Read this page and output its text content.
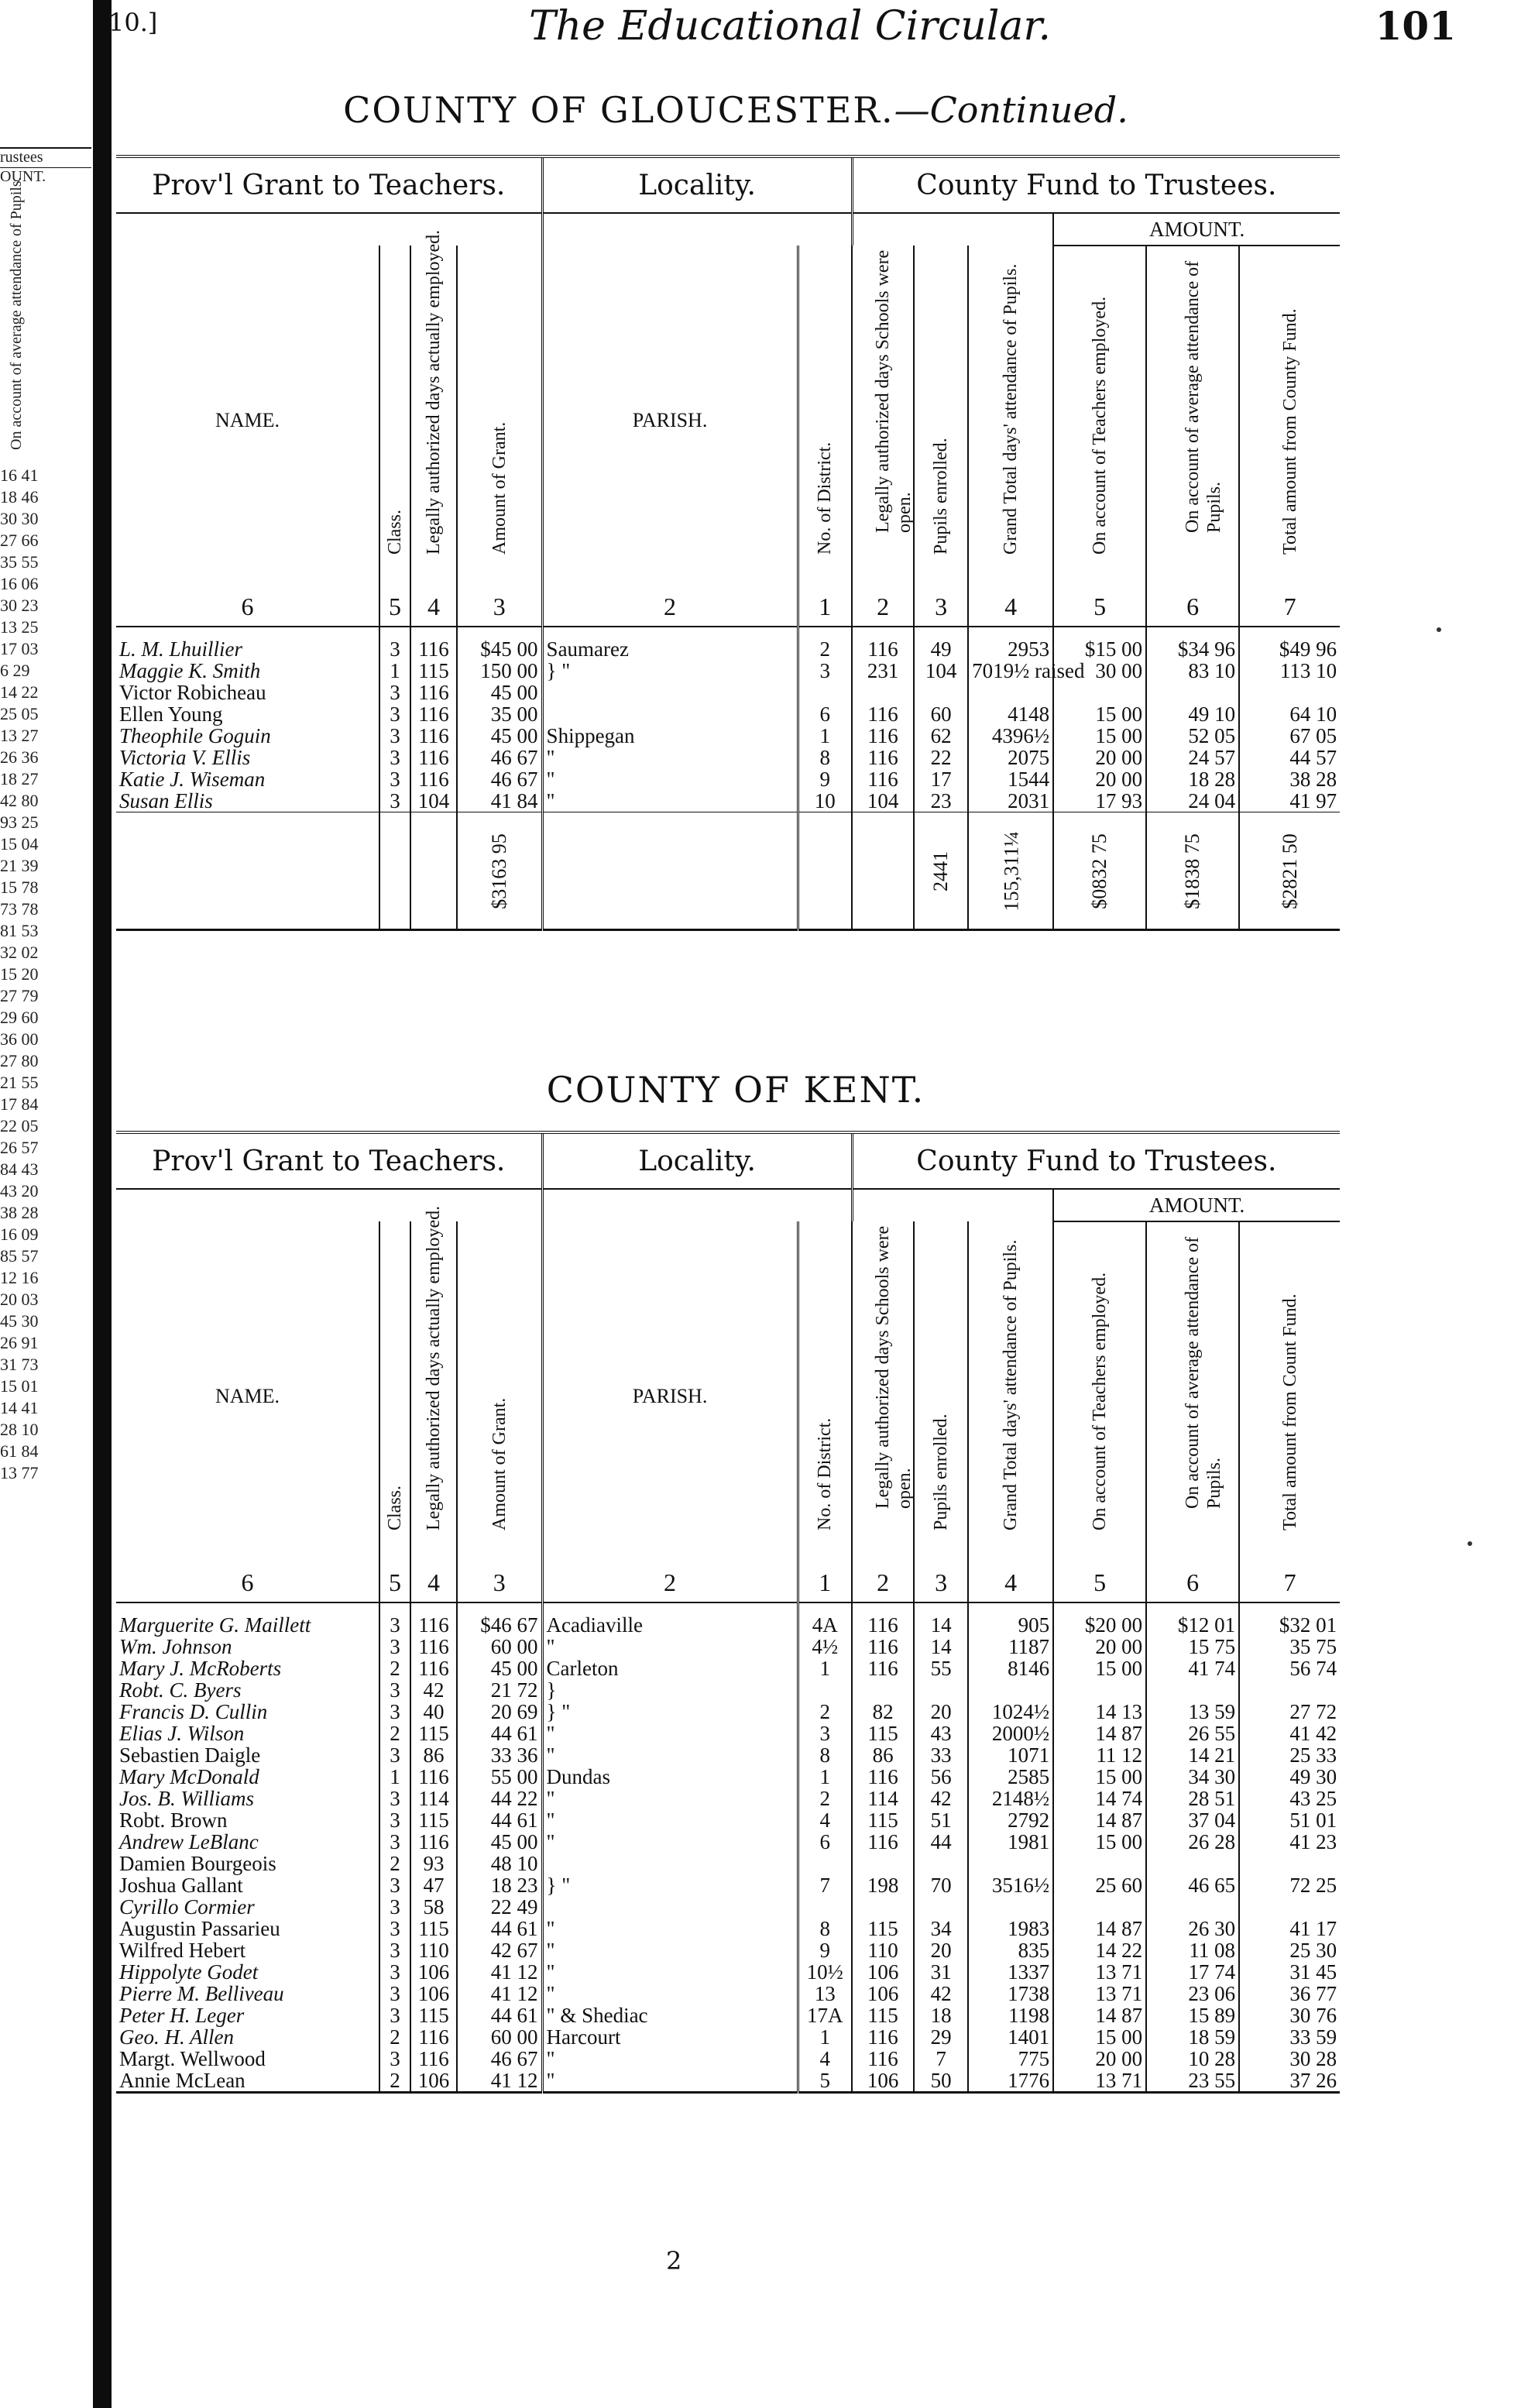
rustees
OUNT.
On account of average attendance of Pupils.
16 41
18 46
30 30
27 66
35 55
16 06
30 23
13 25
17 03
6 29
14 22
25 05
13 27
26 36
18 27
42 80
93 25
15 04
21 39
15 78
73 78
81 53
32 02
15 20
27 79
29 60
36 00
27 80
21 55
17 84
22 05
26 57
84 43
43 20
38 28
16 09
85 57
12 16
20 03
45 30
26 91
31 73
15 01
14 41
28 10
61 84
13 77
10.]	The Educational Circular.	101
COUNTY OF GLOUCESTER.—Continued.
Prov'l Grant to Teachers.				Locality.		County Fund to Trustees.					
									AMOUNT.		

NAME.	Class.	Legally authorized days actually employed.	Amount of Grant.	PARISH.	No. of District.	Legally authorized days Schools were open.	Pupils enrolled.	Grand Total days' attendance of Pupils.	On account of Teachers employed.	On account of average attendance of Pupils.	Total amount from County Fund.

6	5	4	3	2	1	2	3	4	5	6	7

L. M. Lhuillier	3	116	$45 00	Saumarez	2	116	49	2953	$15 00	$34 96	$49 96
Maggie K. Smith	1	115	150 00	} "	3	231	104	7019½ raised	30 00	83 10	113 10
Victor Robicheau	3	116	45 00								
Ellen Young	3	116	35 00		6	116	60	4148	15 00	49 10	64 10
Theophile Goguin	3	116	45 00	Shippegan	1	116	62	4396½	15 00	52 05	67 05
Victoria V. Ellis	3	116	46 67	"	8	116	22	2075	20 00	24 57	44 57
Katie J. Wiseman	3	116	46 67	"	9	116	17	1544	20 00	18 28	38 28
Susan Ellis	3	104	41 84	"	10	104	23	2031	17 93	24 04	41 97
			$3163 95				2441	155,311¼	$0832 75	$1838 75	$2821 50
COUNTY OF KENT.
Prov'l Grant to Teachers.				Locality.		County Fund to Trustees.					
									AMOUNT.		

NAME.	Class.	Legally authorized days actually employed.	Amount of Grant.	PARISH.	No. of District.	Legally authorized days Schools were open.	Pupils enrolled.	Grand Total days' attendance of Pupils.	On account of Teachers employed.	On account of average attendance of Pupils.	Total amount from Count Fund.

6	5	4	3	2	1	2	3	4	5	6	7

Marguerite G. Maillett	3	116	$46 67	Acadiaville	4A	116	14	905	$20 00	$12 01	$32 01
Wm. Johnson	3	116	60 00	"	4½	116	14	1187	20 00	15 75	35 75
Mary J. McRoberts	2	116	45 00	Carleton	1	116	55	8146	15 00	41 74	56 74
Robt. C. Byers	3	42	21 72	}							
Francis D. Cullin	3	40	20 69	} "	2	82	20	1024½	14 13	13 59	27 72
Elias J. Wilson	2	115	44 61	"	3	115	43	2000½	14 87	26 55	41 42
Sebastien Daigle	3	86	33 36	"	8	86	33	1071	11 12	14 21	25 33
Mary McDonald	1	116	55 00	Dundas	1	116	56	2585	15 00	34 30	49 30
Jos. B. Williams	3	114	44 22	"	2	114	42	2148½	14 74	28 51	43 25
Robt. Brown	3	115	44 61	"	4	115	51	2792	14 87	37 04	51 01
Andrew LeBlanc	3	116	45 00	"	6	116	44	1981	15 00	26 28	41 23
Damien Bourgeois	2	93	48 10								
Joshua Gallant	3	47	18 23	} "	7	198	70	3516½	25 60	46 65	72 25
Cyrillo Cormier	3	58	22 49								
Augustin Passarieu	3	115	44 61	"	8	115	34	1983	14 87	26 30	41 17
Wilfred Hebert	3	110	42 67	"	9	110	20	835	14 22	11 08	25 30
Hippolyte Godet	3	106	41 12	"	10½	106	31	1337	13 71	17 74	31 45
Pierre M. Belliveau	3	106	41 12	"	13	106	42	1738	13 71	23 06	36 77
Peter H. Leger	3	115	44 61	" & Shediac	17A	115	18	1198	14 87	15 89	30 76
Geo. H. Allen	2	116	60 00	Harcourt	1	116	29	1401	15 00	18 59	33 59
Margt. Wellwood	3	116	46 67	"	4	116	7	775	20 00	10 28	30 28
Annie McLean	2	106	41 12	"	5	106	50	1776	13 71	23 55	37 26
2
